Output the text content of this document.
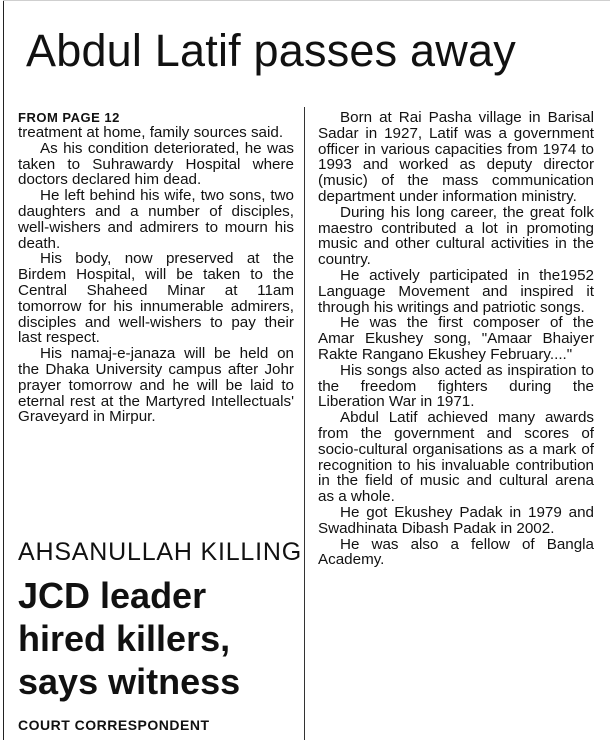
Abdul Latif passes away

FROM PAGE 12

treatment at home, family sources said.

As his condition deteriorated, he was taken to Suhrawardy Hospital where doctors declared him dead.

He left behind his wife, two sons, two daughters and a number of disciples, well-wishers and admirers to mourn his death.

His body, now preserved at the Birdem Hospital, will be taken to the Central Shaheed Minar at 11am tomorrow for his innumerable admirers, disciples and well-wishers to pay their last respect.

His namaj-e-janaza will be held on the Dhaka University campus after Johr prayer tomorrow and he will be laid to eternal rest at the Martyred Intellectuals' Graveyard in Mirpur.

AHSANULLAH KILLING

JCD leader hired killers, says witness

COURT CORRESPONDENT

Born at Rai Pasha village in Barisal Sadar in 1927, Latif was a government officer in various capacities from 1974 to 1993 and worked as deputy director (music) of the mass communication department under information ministry.

During his long career, the great folk maestro contributed a lot in promoting music and other cultural activities in the country.

He actively participated in the1952 Language Movement and inspired it through his writings and patriotic songs.

He was the first composer of the Amar Ekushey song, "Amaar Bhaiyer Rakte Rangano Ekushey February...."

His songs also acted as inspiration to the freedom fighters during the Liberation War in 1971.

Abdul Latif achieved many awards from the government and scores of socio-cultural organisations as a mark of recognition to his invaluable contribution in the field of music and cultural arena as a whole.

He got Ekushey Padak in 1979 and Swadhinata Dibash Padak in 2002.

He was also a fellow of Bangla Academy.
